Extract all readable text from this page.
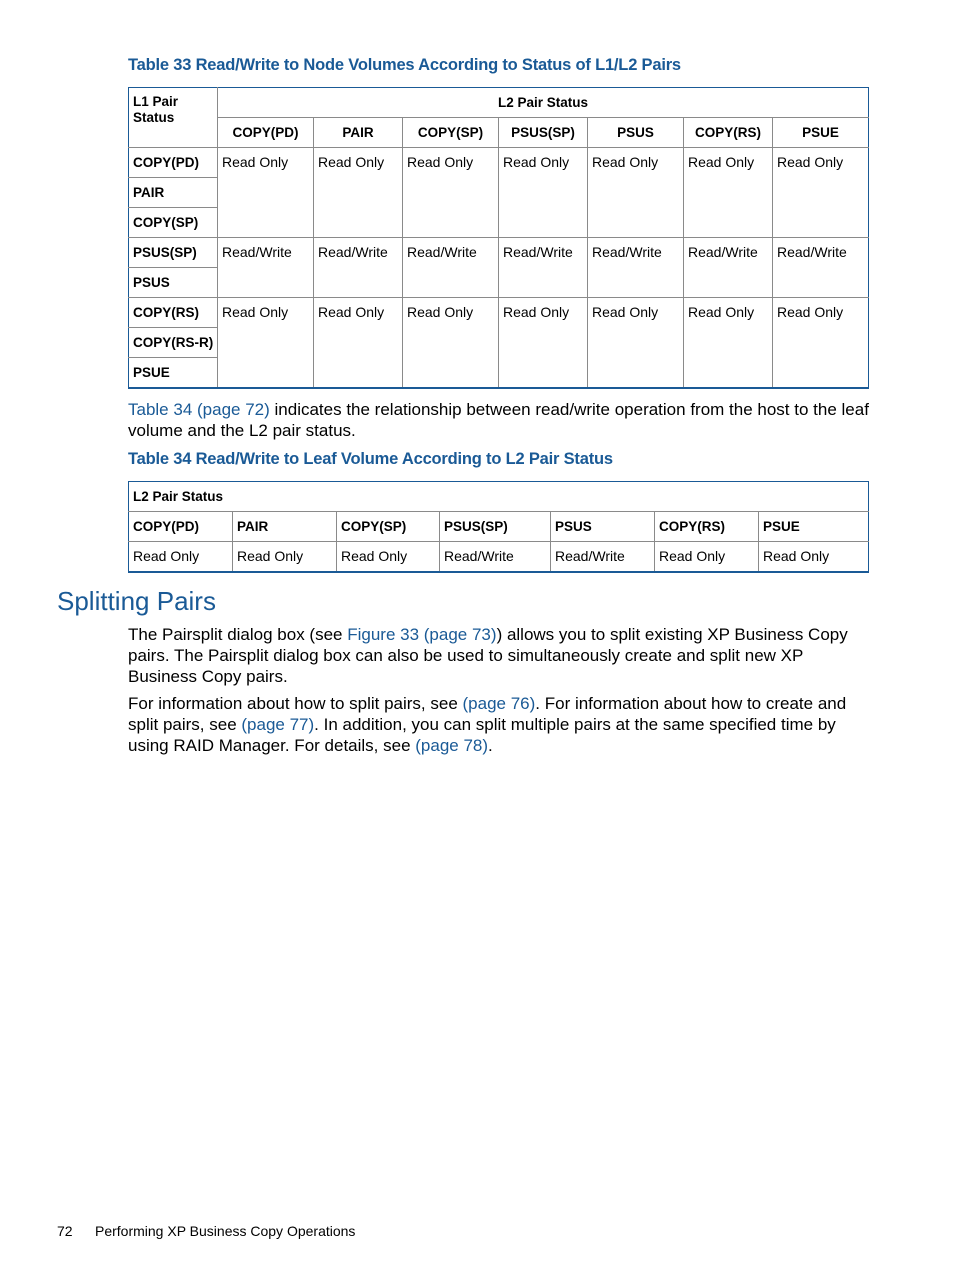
Table 33 Read/Write to Node Volumes According to Status of L1/L2 Pairs
L1 Pair Status	L2 Pair Status						
	COPY(PD)	PAIR	COPY(SP)	PSUS(SP)	PSUS	COPY(RS)	PSUE
COPY(PD)	Read Only	Read Only	Read Only	Read Only	Read Only	Read Only	Read Only
PAIR							
COPY(SP)							
PSUS(SP)	Read/Write	Read/Write	Read/Write	Read/Write	Read/Write	Read/Write	Read/Write
PSUS							
COPY(RS)	Read Only	Read Only	Read Only	Read Only	Read Only	Read Only	Read Only
COPY(RS-R)							
PSUE							
Table 34 (page 72) indicates the relationship between read/write operation from the host to the leaf volume and the L2 pair status.
Table 34 Read/Write to Leaf Volume According to L2 Pair Status
L2 Pair Status						
COPY(PD)	PAIR	COPY(SP)	PSUS(SP)	PSUS	COPY(RS)	PSUE
Read Only	Read Only	Read Only	Read/Write	Read/Write	Read Only	Read Only
Splitting Pairs
The Pairsplit dialog box (see Figure 33 (page 73)) allows you to split existing XP Business Copy pairs. The Pairsplit dialog box can also be used to simultaneously create and split new XP Business Copy pairs.
For information about how to split pairs, see (page 76). For information about how to create and split pairs, see (page 77). In addition, you can split multiple pairs at the same specified time by using RAID Manager. For details, see (page 78).
72 Performing XP Business Copy Operations
